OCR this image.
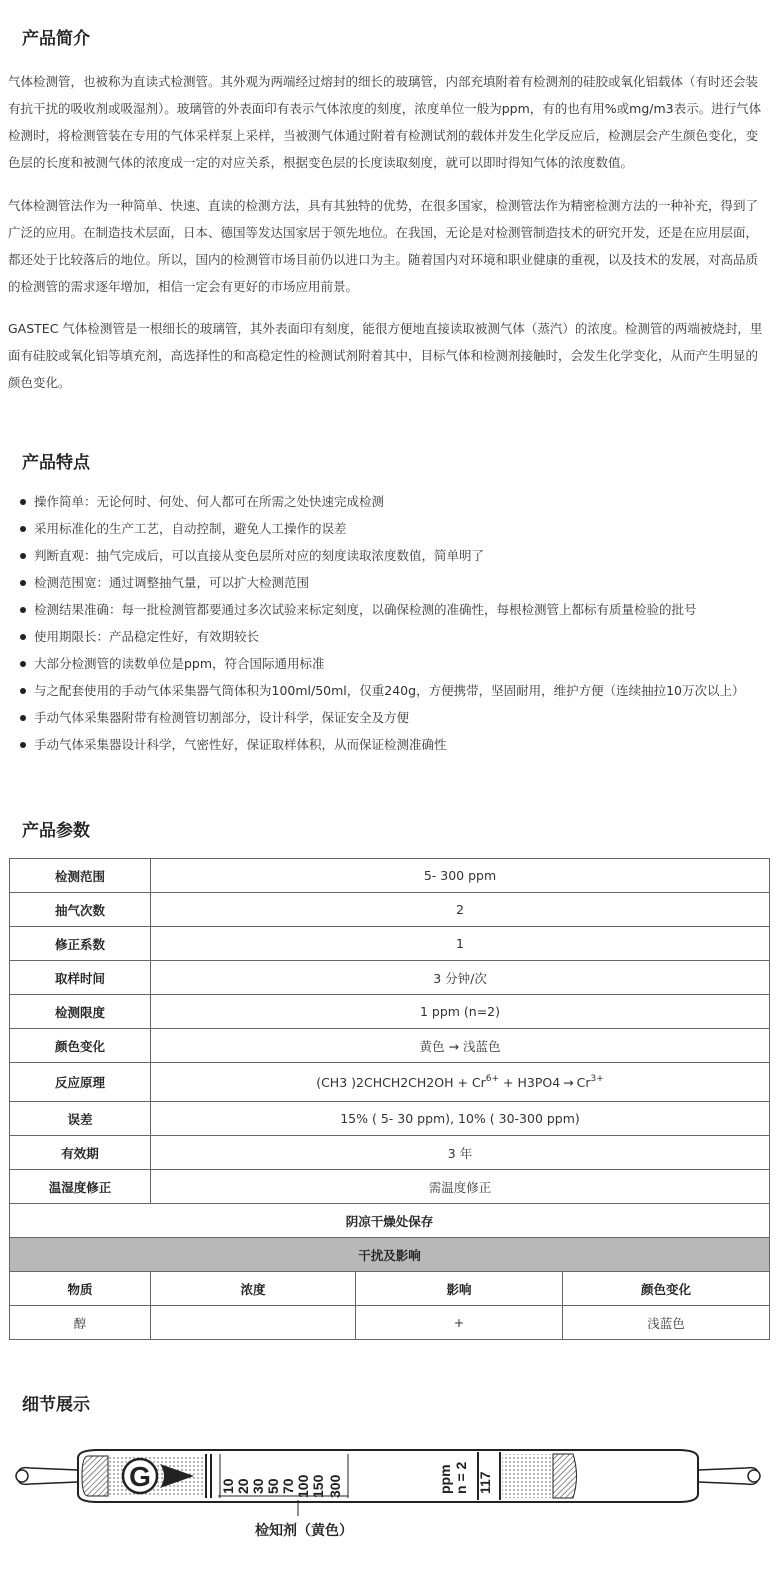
产品简介
气体检测管，也被称为直读式检测管。其外观为两端经过熔封的细长的玻璃管，内部充填附着有检测剂的硅胶或氧化铝载体（有时还会装有抗干扰的吸收剂或吸湿剂）。玻璃管的外表面印有表示气体浓度的刻度，浓度单位一般为ppm，有的也有用%或mg/m3表示。进行气体检测时，将检测管装在专用的气体采样泵上采样，当被测气体通过附着有检测试剂的载体并发生化学反应后，检测层会产生颜色变化，变色层的长度和被测气体的浓度成一定的对应关系，根据变色层的长度读取刻度，就可以即时得知气体的浓度数值。
气体检测管法作为一种简单、快速、直读的检测方法，具有其独特的优势，在很多国家，检测管法作为精密检测方法的一种补充，得到了广泛的应用。在制造技术层面，日本、德国等发达国家居于领先地位。在我国，无论是对检测管制造技术的研究开发，还是在应用层面，都还处于比较落后的地位。所以，国内的检测管市场目前仍以进口为主。随着国内对环境和职业健康的重视，以及技术的发展，对高品质的检测管的需求逐年增加，相信一定会有更好的市场应用前景。
GASTEC 气体检测管是一根细长的玻璃管，其外表面印有刻度，能很方便地直接读取被测气体（蒸汽）的浓度。检测管的两端被烧封，里面有硅胶或氧化铝等填充剂，高选择性的和高稳定性的检测试剂附着其中，目标气体和检测剂接触时，会发生化学变化，从而产生明显的颜色变化。
产品特点
操作简单：无论何时、何处、何人都可在所需之处快速完成检测
采用标准化的生产工艺，自动控制，避免人工操作的误差
判断直观：抽气完成后，可以直接从变色层所对应的刻度读取浓度数值，简单明了
检测范围宽：通过调整抽气量，可以扩大检测范围
检测结果准确：每一批检测管都要通过多次试验来标定刻度，以确保检测的准确性，每根检测管上都标有质量检验的批号
使用期限长：产品稳定性好，有效期较长
大部分检测管的读数单位是ppm，符合国际通用标准
与之配套使用的手动气体采集器气筒体积为100ml/50ml，仅重240g，方便携带，坚固耐用，维护方便（连续抽拉10万次以上）
手动气体采集器附带有检测管切割部分，设计科学，保证安全及方便
手动气体采集器设计科学，气密性好，保证取样体积，从而保证检测准确性
产品参数
检测范围	5- 300 ppm		
抽气次数	2		
修正系数	1		
取样时间	3 分钟/次		
检测限度	1 ppm (n=2)		
颜色变化	黄色 → 浅蓝色		
反应原理	(CH3 )2CHCH2CH2OH + $Cr^{6+} + H3PO4 \to Cr^{3+}$
误差	15% ( 5- 30 ppm), 10% ( 30-300 ppm)		
有效期	3 年		
温湿度修正	需温度修正		
阴凉干燥处保存			
干扰及影响			
物质	浓度	影响	颜色变化
醇		+	浅蓝色
细节展示
G	10 20 30 50 70 100 150 300	ppm n = 2 117
检知剂（黄色）
